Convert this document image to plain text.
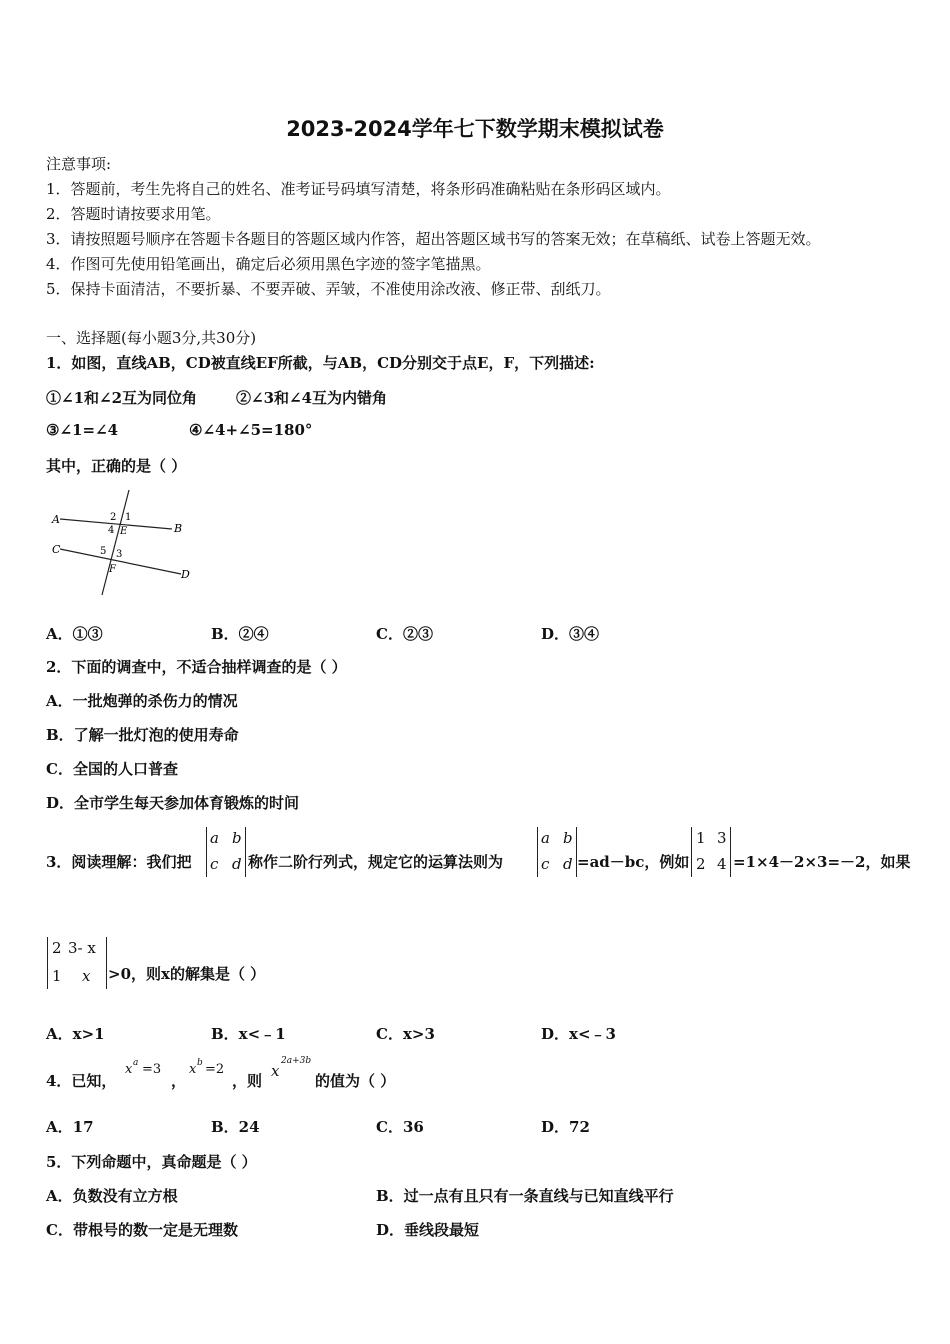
2023-2024学年七下数学期末模拟试卷
注意事项:
1．答题前，考生先将自己的姓名、准考证号码填写清楚，将条形码准确粘贴在条形码区域内。
2．答题时请按要求用笔。
3．请按照题号顺序在答题卡各题目的答题区域内作答，超出答题区域书写的答案无效；在草稿纸、试卷上答题无效。
4．作图可先使用铅笔画出，确定后必须用黑色字迹的签字笔描黑。
5．保持卡面清洁，不要折暴、不要弄破、弄皱，不准使用涂改液、修正带、刮纸刀。
一、选择题(每小题3分,共30分)
1．如图，直线AB，CD被直线EF所截，与AB，CD分别交于点E，F，下列描述:
①∠1和∠2互为同位角	②∠3和∠4互为内错角
③∠1=∠4	④∠4+∠5=180°
其中，正确的是（ ）
A
B
C
D
E
F
2 1
4
5 3
A．①③	B．②④	C．②③	D．③④
2．下面的调查中，不适合抽样调查的是（ ）
A．一批炮弹的杀伤力的情况
B．了解一批灯泡的使用寿命
C．全国的人口普查
D．全市学生每天参加体育锻炼的时间
3．阅读理解：我们把
a b
c d 称作二阶行列式，规定它的运算法则为
a b
c d =ad－bc，例如
1 3
2 4 =1×4－2×3=－2，如果
2 3- x
1 x >0，则x的解集是（ ）
A．x>1	B．x<﹣1	C．x>3	D．x<﹣3
4．已知，
x a =3
，
x b =2
，则
x
2a+3b
的值为（ ）
A．17	B．24	C．36	D．72
5．下列命题中，真命题是（ ）
A．负数没有立方根	B．过一点有且只有一条直线与已知直线平行
C．带根号的数一定是无理数	D．垂线段最短
